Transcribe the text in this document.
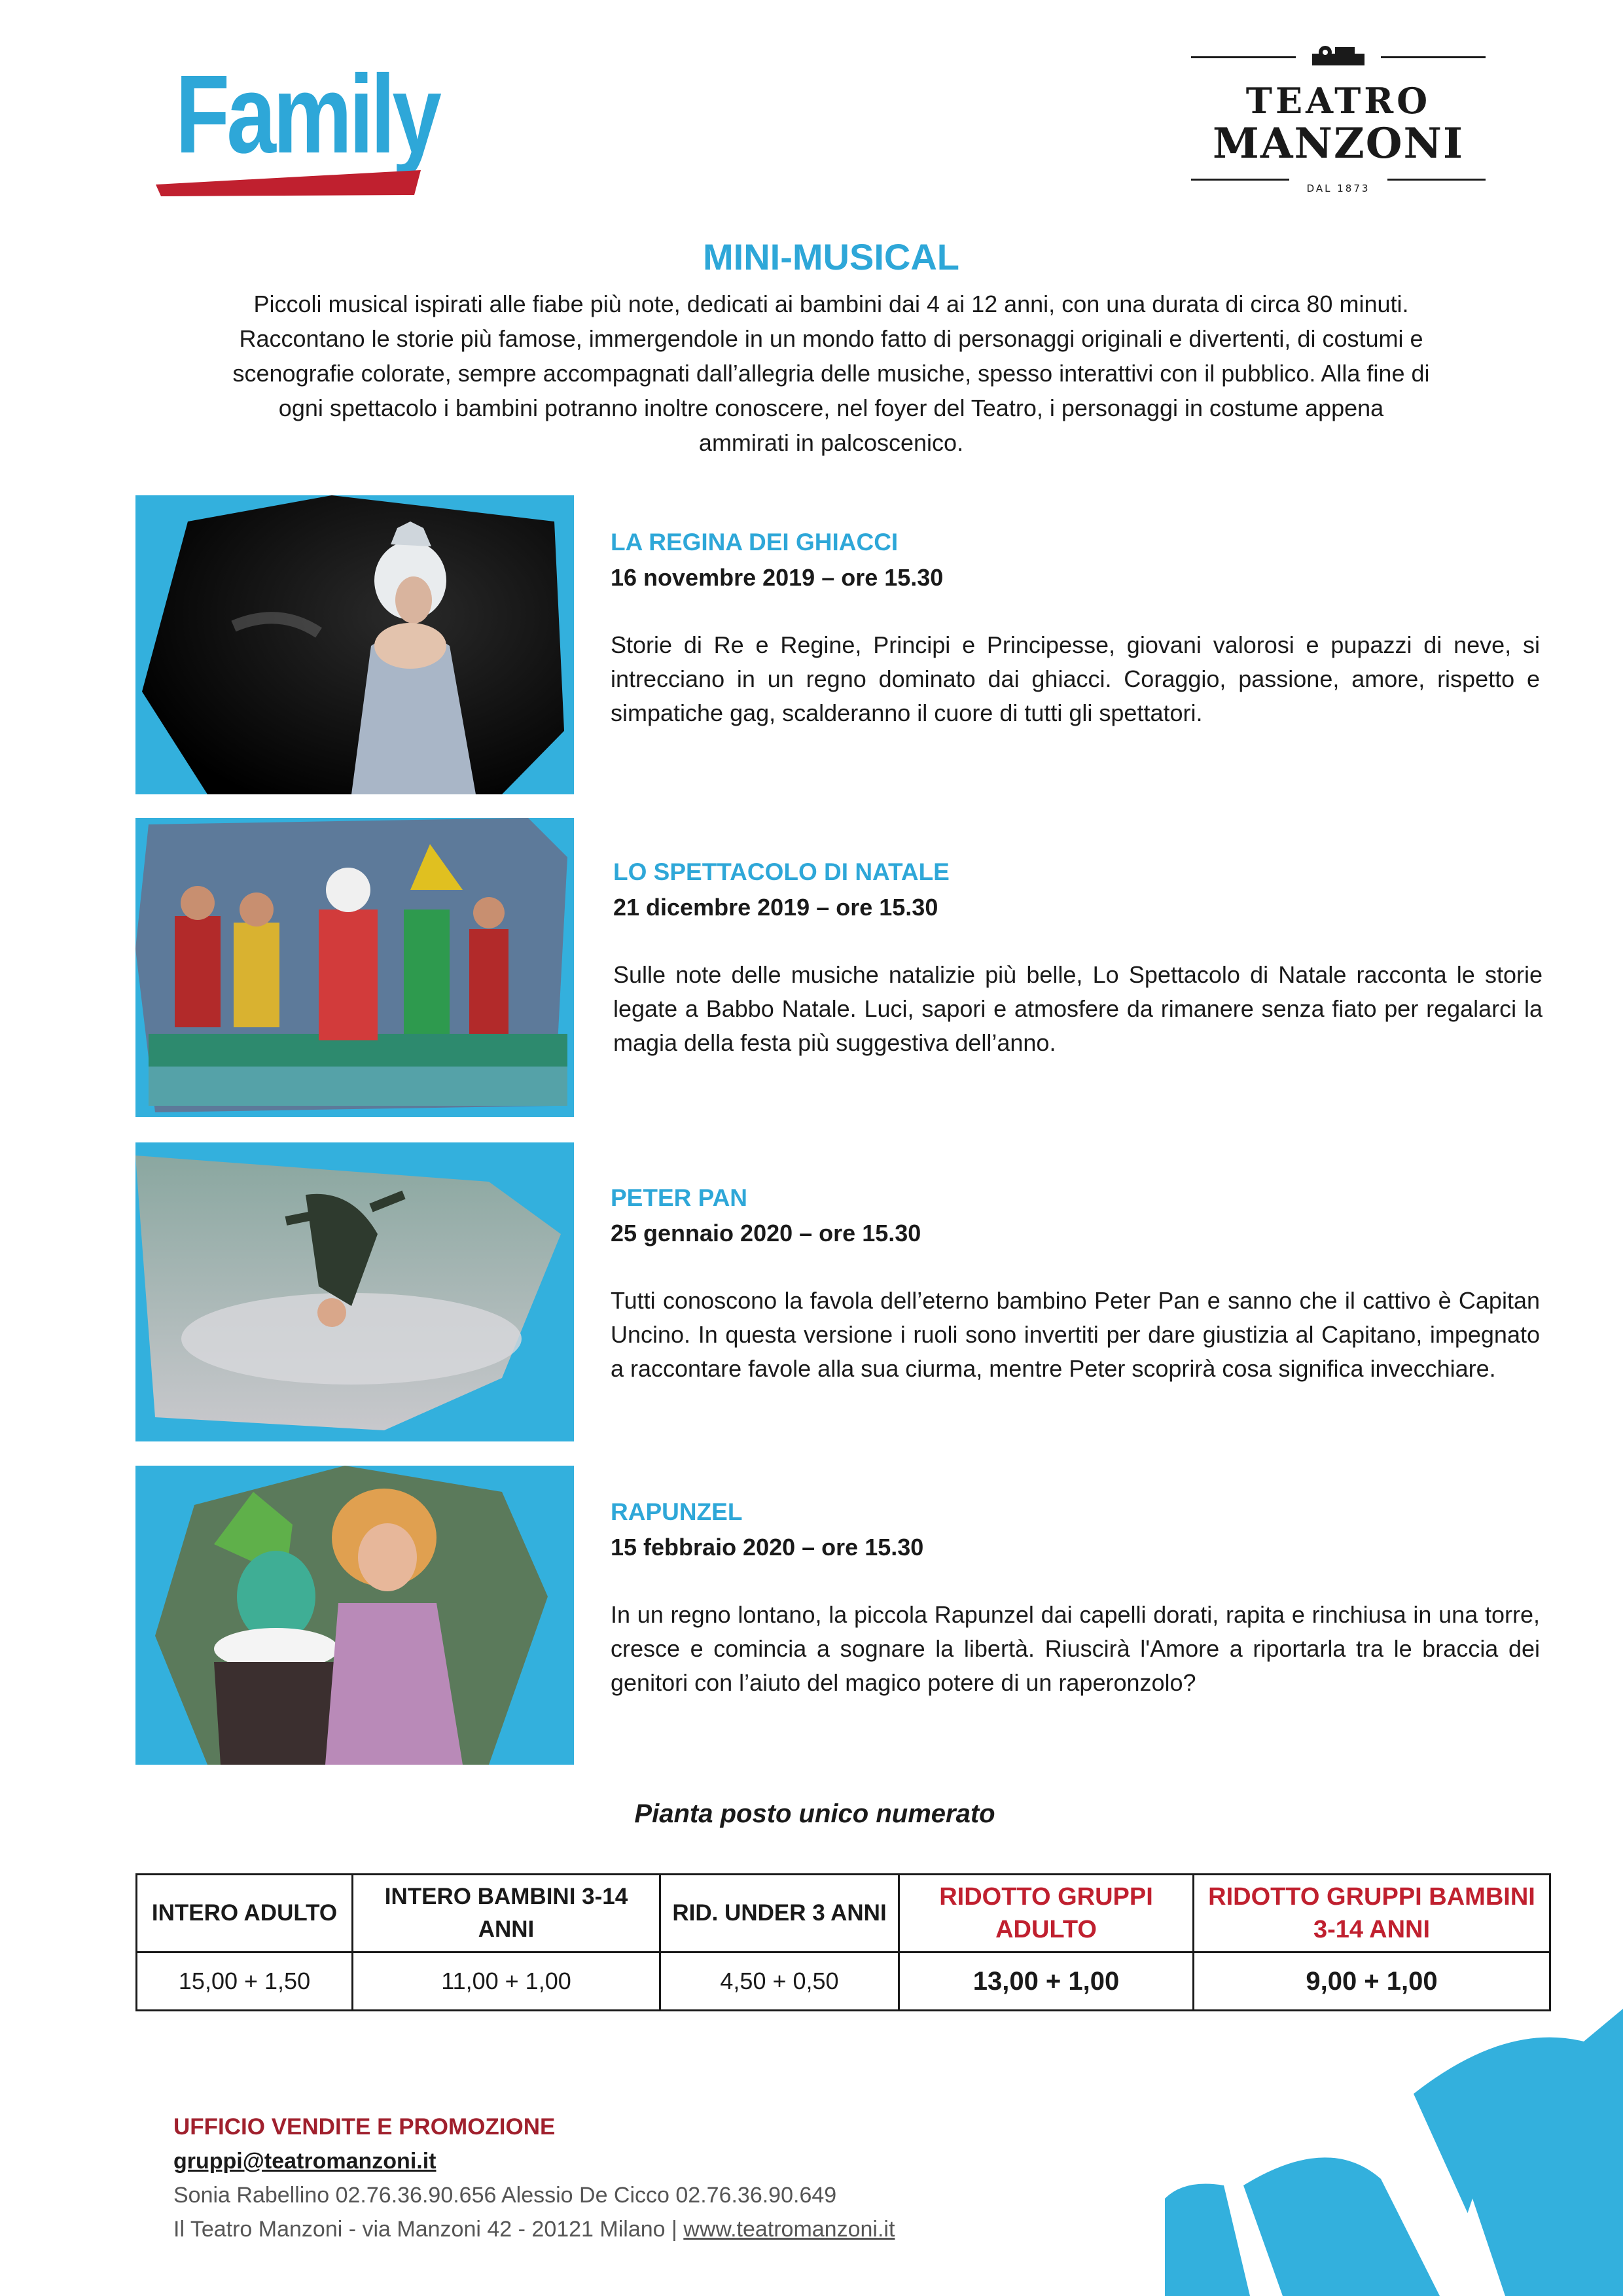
Family	TEATRO
MANZONI
DAL 1873
MINI-MUSICAL
Piccoli musical ispirati alle fiabe più note, dedicati ai bambini dai 4 ai 12 anni, con una durata di circa 80 minuti.
Raccontano le storie più famose, immergendole in un mondo fatto di personaggi originali e divertenti, di costumi e
scenografie colorate, sempre accompagnati dall’allegria delle musiche, spesso interattivi con il pubblico. Alla fine di
ogni spettacolo i bambini potranno inoltre conoscere, nel foyer del Teatro, i personaggi in costume appena
ammirati in palcoscenico.
LA REGINA DEI GHIACCI
16 novembre 2019 – ore 15.30
Storie di Re e Regine, Principi e Principesse, giovani valorosi e pupazzi di neve, si intrecciano in un regno dominato dai ghiacci. Coraggio, passione, amore, rispetto e simpatiche gag, scalderanno il cuore di tutti gli spettatori.
LO SPETTACOLO DI NATALE
21 dicembre 2019 – ore 15.30
Sulle note delle musiche natalizie più belle, Lo Spettacolo di Natale racconta le storie legate a Babbo Natale. Luci, sapori e atmosfere da rimanere senza fiato per regalarci la magia della festa più suggestiva dell’anno.
PETER PAN
25 gennaio 2020 – ore 15.30
Tutti conoscono la favola dell’eterno bambino Peter Pan e sanno che il cattivo è Capitan Uncino. In questa versione i ruoli sono invertiti per dare giustizia al Capitano, impegnato a raccontare favole alla sua ciurma, mentre Peter scoprirà cosa significa invecchiare.
RAPUNZEL
15 febbraio 2020 – ore 15.30
In un regno lontano, la piccola Rapunzel dai capelli dorati, rapita e rinchiusa in una torre, cresce e comincia a sognare la libertà. Riuscirà l'Amore a riportarla tra le braccia dei genitori con l’aiuto del magico potere di un raperonzolo?
Pianta posto unico numerato
INTERO ADULTO	INTERO BAMBINI 3-14 ANNI	RID. UNDER 3 ANNI	RIDOTTO GRUPPI ADULTO	RIDOTTO GRUPPI BAMBINI 3-14 ANNI
15,00 + 1,50	11,00 + 1,00	4,50 + 0,50	13,00 + 1,00	9,00 + 1,00
UFFICIO VENDITE E PROMOZIONE
gruppi@teatromanzoni.it
Sonia Rabellino 02.76.36.90.656 Alessio De Cicco 02.76.36.90.649
Il Teatro Manzoni - via Manzoni 42 - 20121 Milano | www.teatromanzoni.it
